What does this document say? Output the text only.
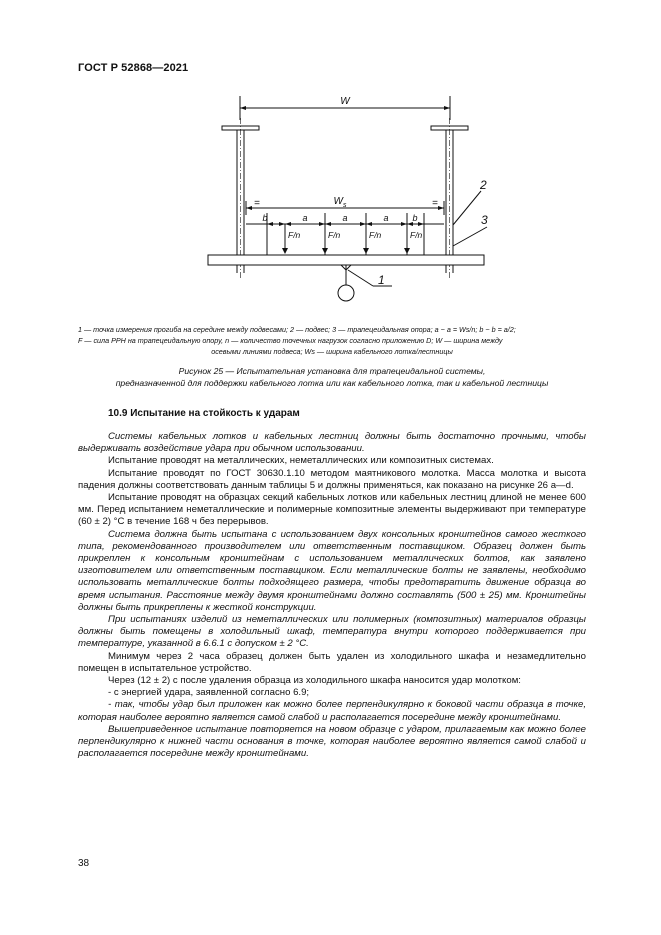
ГОСТ Р 52868—2021
W
$W_s$
=	=
b	a	a	a	b
F/n	F/n	F/n	F/n
1
2
3
1 — точка измерения прогиба на середине между подвесами; 2 — подвес; 3 — трапецеидальная опора; a ~ a = Ws/n; b ~ b = a/2;
F — сила РРН на трапецеидальную опору, n — количество точечных нагрузок согласно приложению D; W — ширина между
осевыми линиями подвеса; Ws — ширина кабельного лотка/лестницы
Рисунок 25 — Испытательная установка для трапецеидальной системы,
предназначенной для поддержки кабельного лотка или как кабельного лотка, так и кабельной лестницы
10.9 Испытание на стойкость к ударам

Системы кабельных лотков и кабельных лестниц должны быть достаточно прочными, чтобы выдерживать воздействие удара при обычном использовании.

Испытание проводят на металлических, неметаллических или композитных системах.

Испытание проводят по ГОСТ 30630.1.10 методом маятникового молотка. Масса молотка и высота падения должны соответствовать данным таблицы 5 и должны применяться, как показано на рисунке 26 а—d.

Испытание проводят на образцах секций кабельных лотков или кабельных лестниц длиной не менее 600 мм. Перед испытанием неметаллические и полимерные композитные элементы выдерживают при температуре (60 ± 2) °С в течение 168 ч без перерывов.

Система должна быть испытана с использованием двух консольных кронштейнов самого жесткого типа, рекомендованного производителем или ответственным поставщиком. Образец должен быть прикреплен к консольным кронштейнам с использованием металлических болтов, как заявлено изготовителем или ответственным поставщиком. Если металлические болты не заявлены, необходимо использовать металлические болты подходящего размера, чтобы предотвратить движение образца во время испытания. Расстояние между двумя кронштейнами должно составлять (500 ± 25) мм. Кронштейны должны быть прикреплены к жесткой конструкции.

При испытаниях изделий из неметаллических или полимерных (композитных) материалов образцы должны быть помещены в холодильный шкаф, температура внутри которого поддерживается при температуре, указанной в 6.6.1 с допуском ± 2 °С.

Минимум через 2 часа образец должен быть удален из холодильного шкафа и незамедлительно помещен в испытательное устройство.

Через (12 ± 2) с после удаления образца из холодильного шкафа наносится удар молотком:

- с энергией удара, заявленной согласно 6.9;

- так, чтобы удар был приложен как можно более перпендикулярно к боковой части образца в точке, которая наиболее вероятно является самой слабой и располагается посередине между кронштейнами.

Вышеприведенное испытание повторяется на новом образце с ударом, прилагаемым как можно более перпендикулярно к нижней части основания в точке, которая наиболее вероятно является самой слабой и располагается посередине между кронштейнами.

38
